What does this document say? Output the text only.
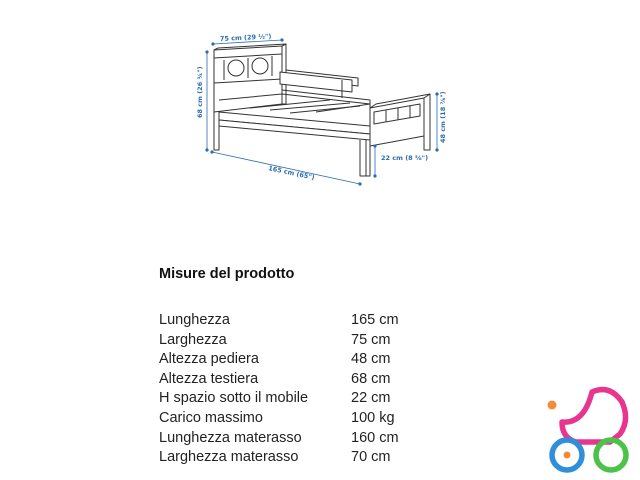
75 cm (29 ½")
68 cm (26 ¾")
165 cm (65")
22 cm (8 ⅝")
48 cm (18 ⅞")
Misure del prodotto
Lunghezza	165 cm
Larghezza	75 cm
Altezza pediera	48 cm
Altezza testiera	68 cm
H spazio sotto il mobile	22 cm
Carico massimo	100 kg
Lunghezza materasso	160 cm
Larghezza materasso	70 cm
